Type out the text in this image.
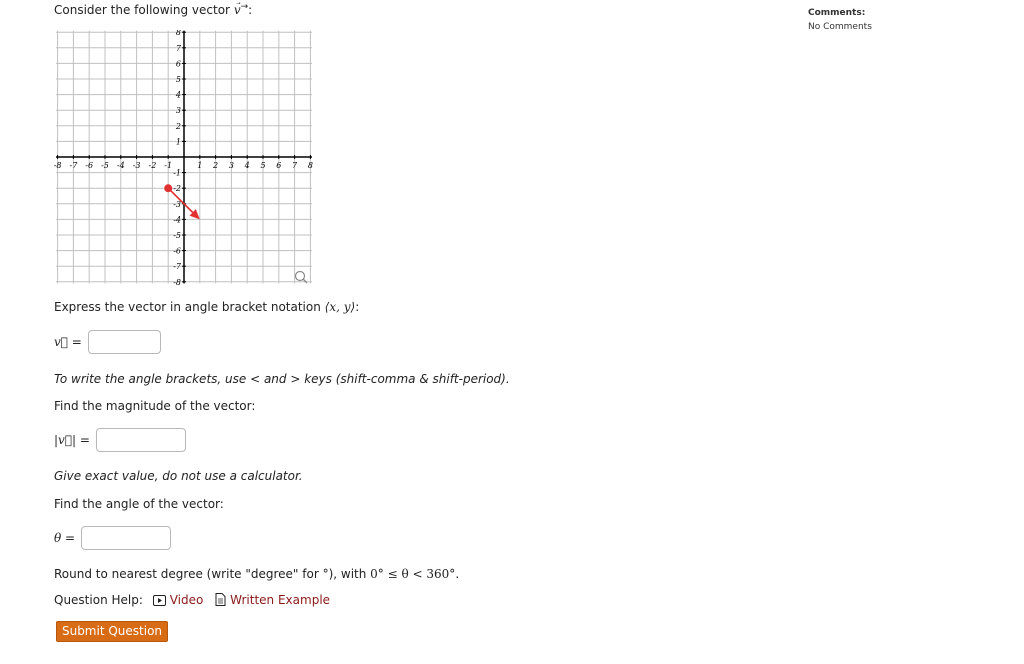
Consider the following vector v⃗→:
-8 -7 -6 -5 -4 -3 -2 -1	1 2 3 4 5 6 7 8
8
7
6
5
4
3
2
1
-1
-2
-3
-4
-5
-6
-7
-8
Express the vector in angle bracket notation ⟨x, y⟩:
v⃗ =
To write the angle brackets, use < and > keys (shift-comma & shift-period).
Find the magnitude of the vector:
|v⃗| =
Give exact value, do not use a calculator.
Find the angle of the vector:
θ =
Round to nearest degree (write "degree" for °), with 0° ≤ θ < 360°.
Question Help: Video Written Example
Submit Question
Comments:
No Comments
